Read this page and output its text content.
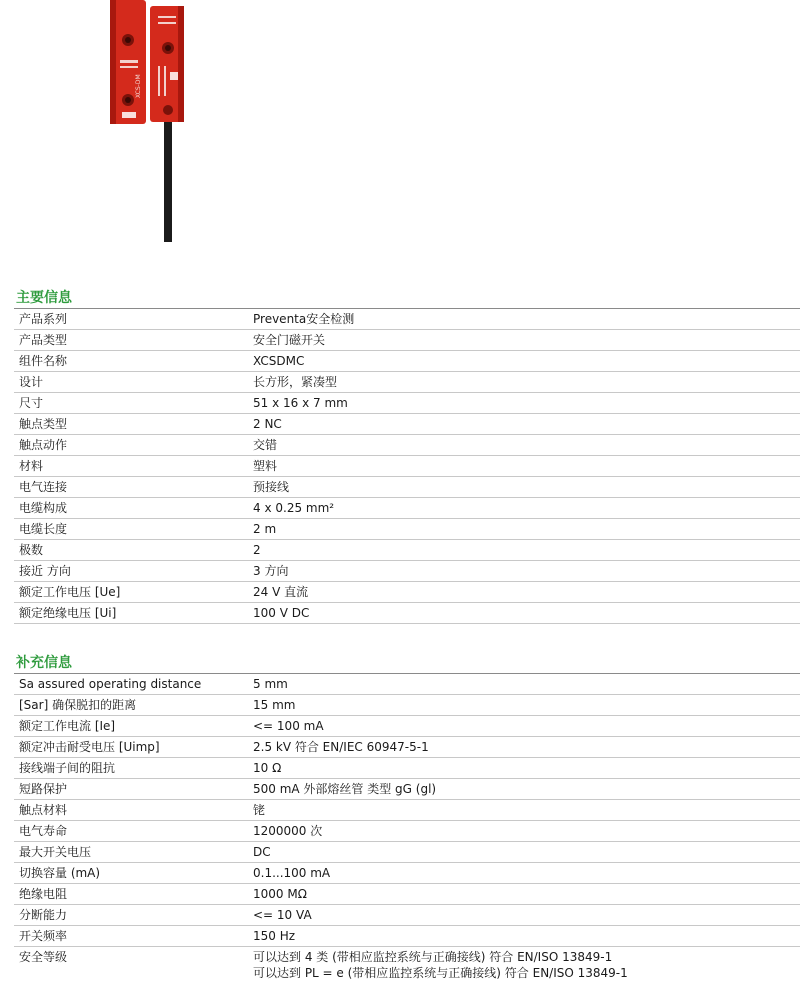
XCS-DM
主要信息
产品系列	Preventa安全检测
产品类型	安全门磁开关
组件名称	XCSDMC
设计	长方形，紧凑型
尺寸	51 x 16 x 7 mm
触点类型	2 NC
触点动作	交错
材料	塑料
电气连接	预接线
电缆构成	4 x 0.25 mm²
电缆长度	2 m
极数	2
接近 方向	3 方向
额定工作电压 [Ue]	24 V 直流
额定绝缘电压 [Ui]	100 V DC
补充信息
Sa assured operating distance	5 mm
[Sar] 确保脱扣的距离	15 mm
额定工作电流 [Ie]	<= 100 mA
额定冲击耐受电压 [Uimp]	2.5 kV 符合 EN/IEC 60947-5-1
接线端子间的阻抗	10 Ω
短路保护	500 mA 外部熔丝管 类型 gG (gl)
触点材料	铑
电气寿命	1200000 次
最大开关电压	DC
切换容量 (mA)	0.1...100 mA
绝缘电阻	1000 MΩ
分断能力	<= 10 VA
开关频率	150 Hz
安全等级	可以达到 4 类 (带相应监控系统与正确接线) 符合 EN/ISO 13849-1
可以达到 PL = e (带相应监控系统与正确接线) 符合 EN/ISO 13849-1
